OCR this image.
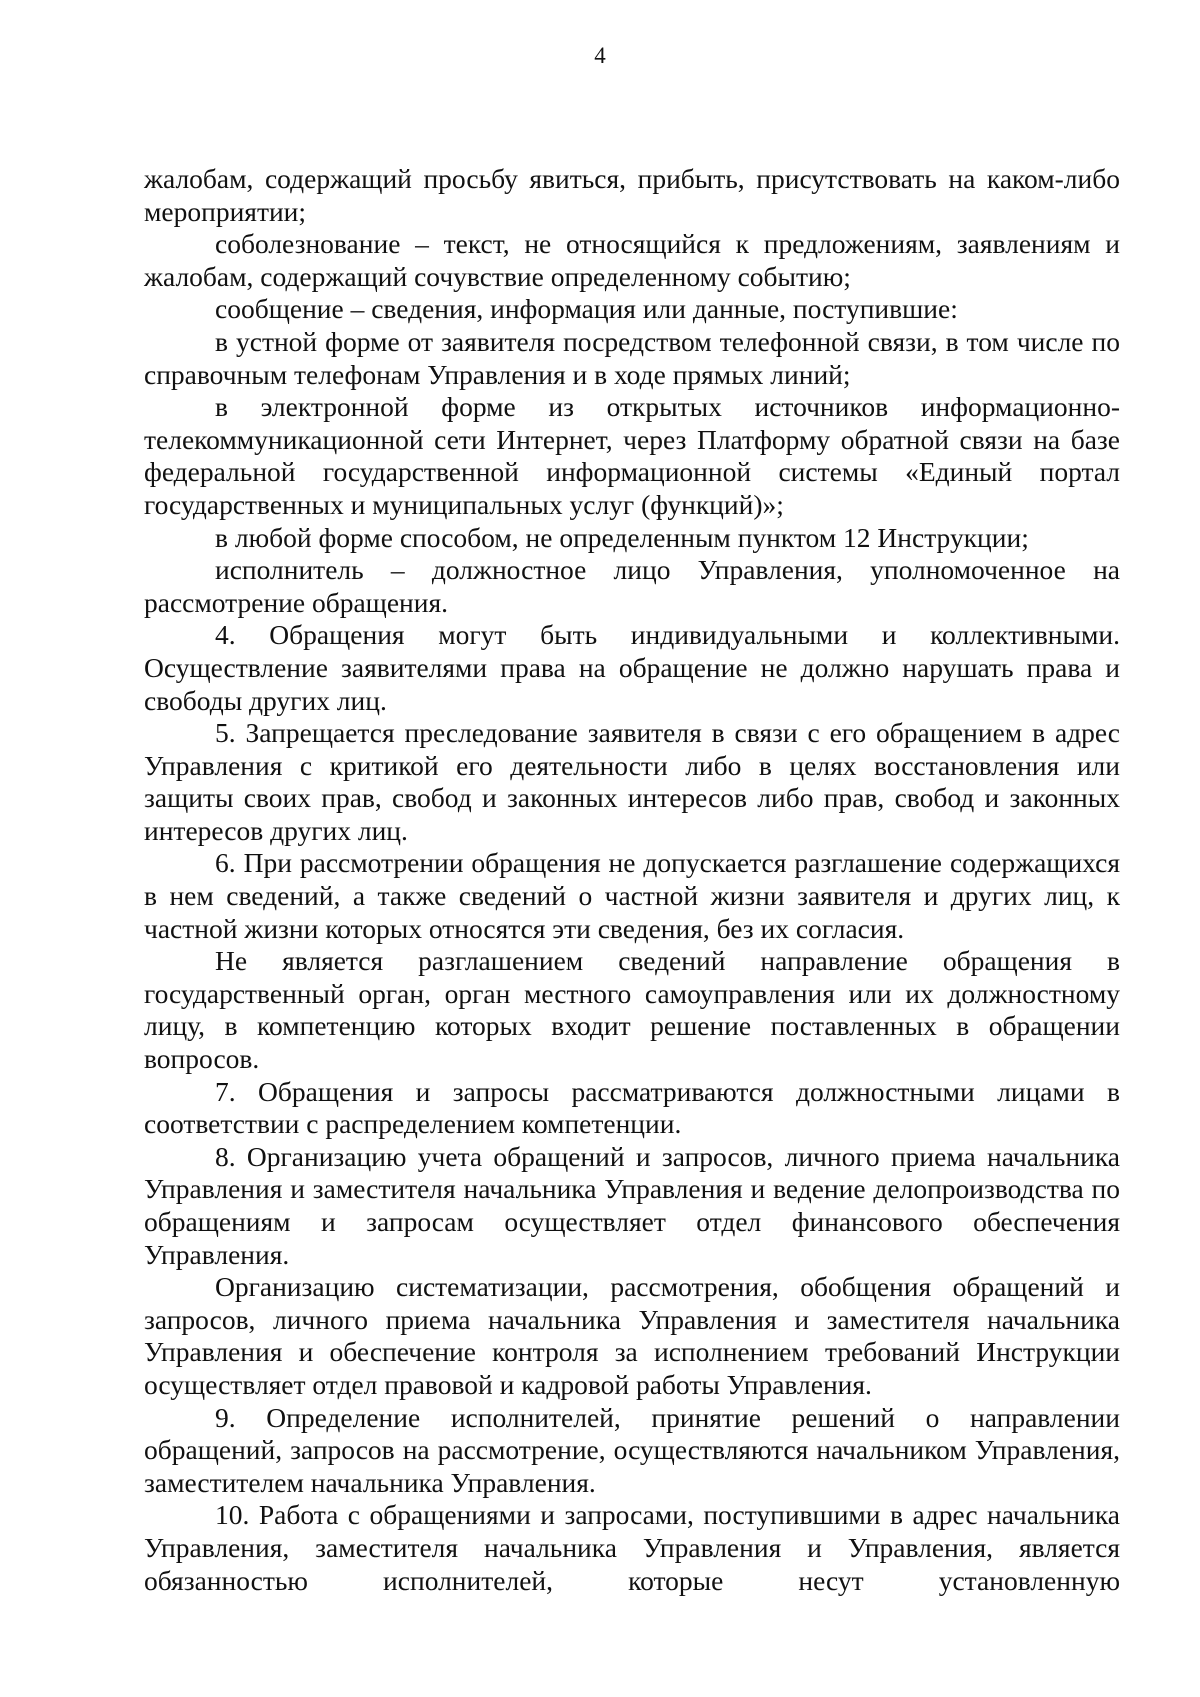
4

жалобам, содержащий просьбу явиться, прибыть, присутствовать на каком-либо мероприятии;

соболезнование – текст, не относящийся к предложениям, заявлениям и жалобам, содержащий сочувствие определенному событию;

сообщение – сведения, информация или данные, поступившие:

в устной форме от заявителя посредством телефонной связи, в том числе по справочным телефонам Управления и в ходе прямых линий;

в электронной форме из открытых источников информационно-телекоммуникационной сети Интернет, через Платформу обратной связи на базе федеральной государственной информационной системы «Единый портал государственных и муниципальных услуг (функций)»;

в любой форме способом, не определенным пунктом 12 Инструкции;

исполнитель – должностное лицо Управления, уполномоченное на рассмотрение обращения.

4. Обращения могут быть индивидуальными и коллективными. Осуществление заявителями права на обращение не должно нарушать права и свободы других лиц.

5. Запрещается преследование заявителя в связи с его обращением в адрес Управления с критикой его деятельности либо в целях восстановления или защиты своих прав, свобод и законных интересов либо прав, свобод и законных интересов других лиц.

6. При рассмотрении обращения не допускается разглашение содержащихся в нем сведений, а также сведений о частной жизни заявителя и других лиц, к частной жизни которых относятся эти сведения, без их согласия.

Не является разглашением сведений направление обращения в государственный орган, орган местного самоуправления или их должностному лицу, в компетенцию которых входит решение поставленных в обращении вопросов.

7. Обращения и запросы рассматриваются должностными лицами в соответствии с распределением компетенции.

8. Организацию учета обращений и запросов, личного приема начальника Управления и заместителя начальника Управления и ведение делопроизводства по обращениям и запросам осуществляет отдел финансового обеспечения Управления.

Организацию систематизации, рассмотрения, обобщения обращений и запросов, личного приема начальника Управления и заместителя начальника Управления и обеспечение контроля за исполнением требований Инструкции осуществляет отдел правовой и кадровой работы Управления.

9. Определение исполнителей, принятие решений о направлении обращений, запросов на рассмотрение, осуществляются начальником Управления, заместителем начальника Управления.

10. Работа с обращениями и запросами, поступившими в адрес начальника Управления, заместителя начальника Управления и Управления, является обязанностью исполнителей, которые несут установленную
